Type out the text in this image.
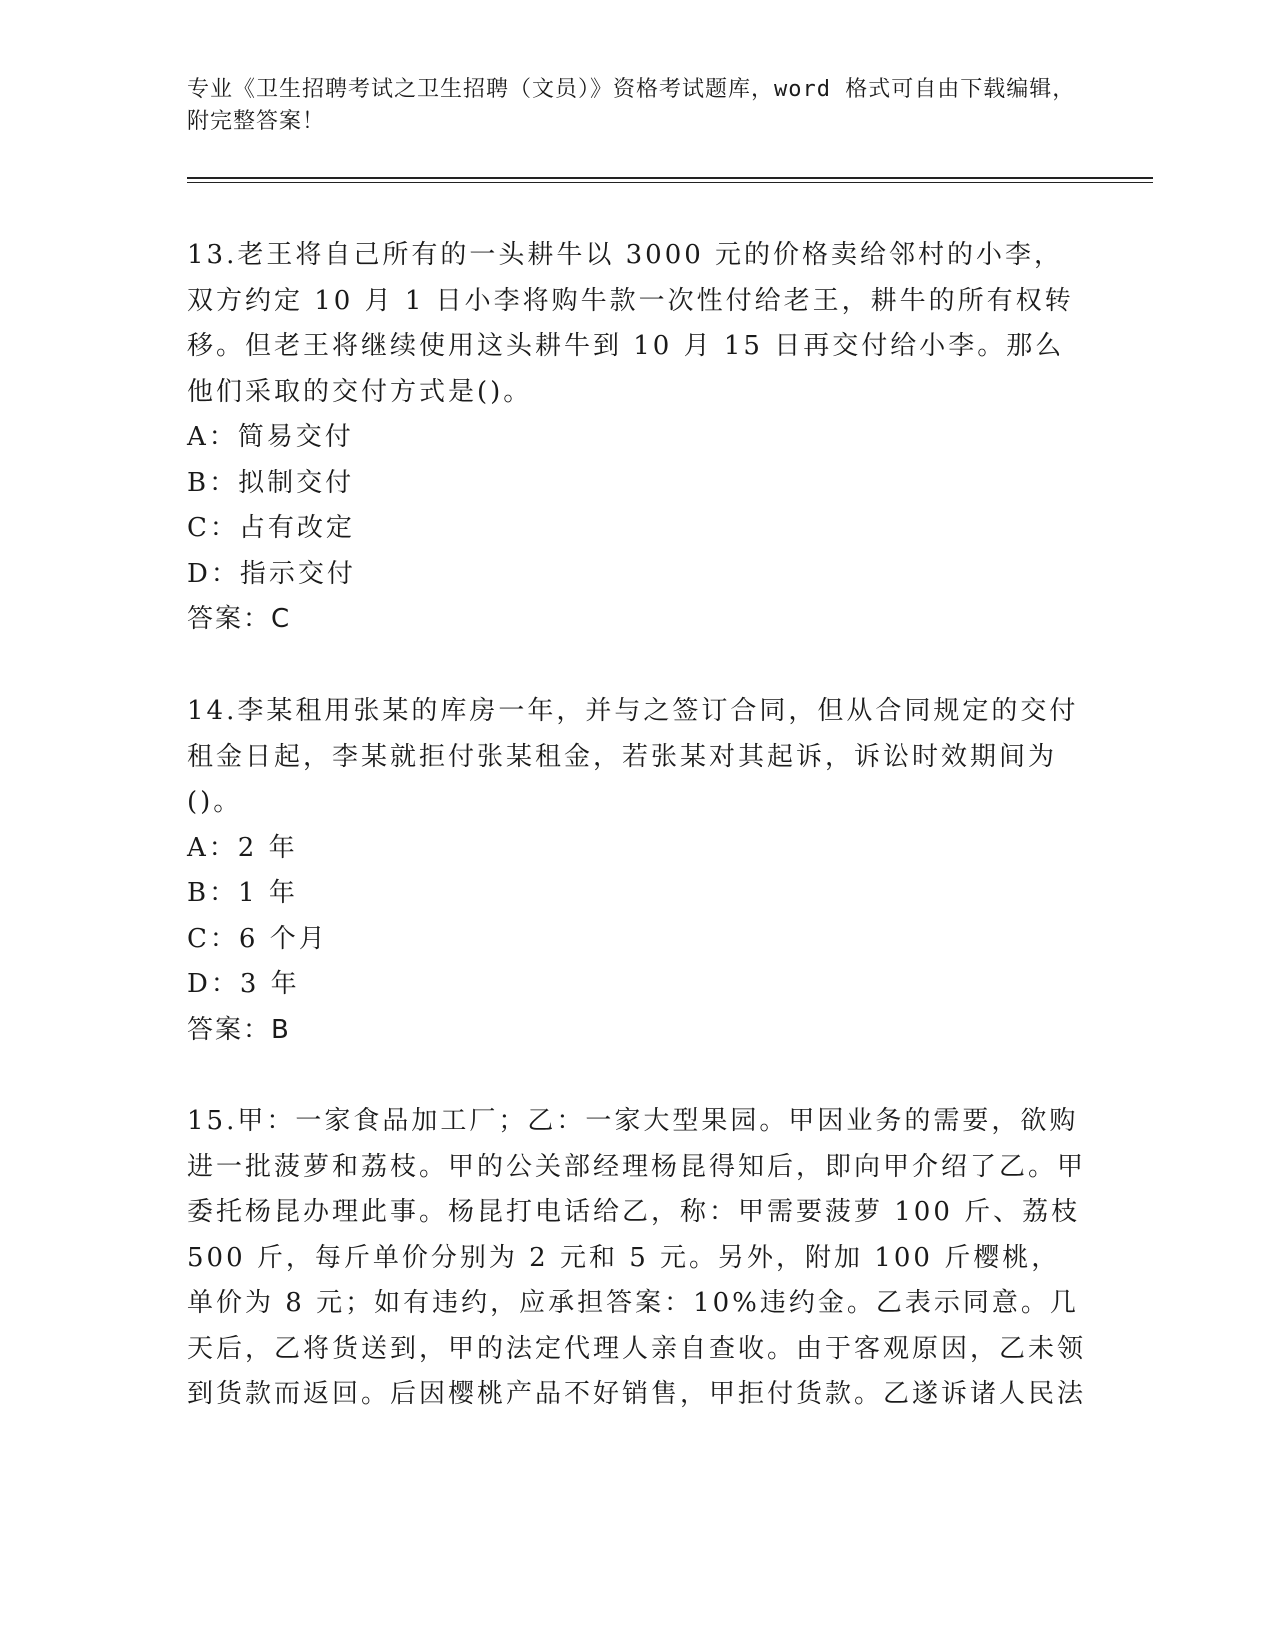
专业《卫生招聘考试之卫生招聘（文员）》资格考试题库，word 格式可自由下载编辑，附完整答案！

13.老王将自己所有的一头耕牛以 3000 元的价格卖给邻村的小李，双方约定 10 月 1 日小李将购牛款一次性付给老王，耕牛的所有权转移。但老王将继续使用这头耕牛到 10 月 15 日再交付给小李。那么他们采取的交付方式是()。

A：简易交付

B：拟制交付

C：占有改定

D：指示交付

答案：C

14.李某租用张某的库房一年，并与之签订合同，但从合同规定的交付租金日起，李某就拒付张某租金，若张某对其起诉，诉讼时效期间为()。

A：2 年

B：1 年

C：6 个月

D：3 年

答案：B

15.甲：一家食品加工厂；乙：一家大型果园。甲因业务的需要，欲购进一批菠萝和荔枝。甲的公关部经理杨昆得知后，即向甲介绍了乙。甲委托杨昆办理此事。杨昆打电话给乙，称：甲需要菠萝 100 斤、荔枝 500 斤，每斤单价分别为 2 元和 5 元。另外，附加 100 斤樱桃，单价为 8 元；如有违约，应承担答案：10%违约金。乙表示同意。几天后，乙将货送到，甲的法定代理人亲自查收。由于客观原因，乙未领到货款而返回。后因樱桃产品不好销售，甲拒付货款。乙遂诉诸人民法
